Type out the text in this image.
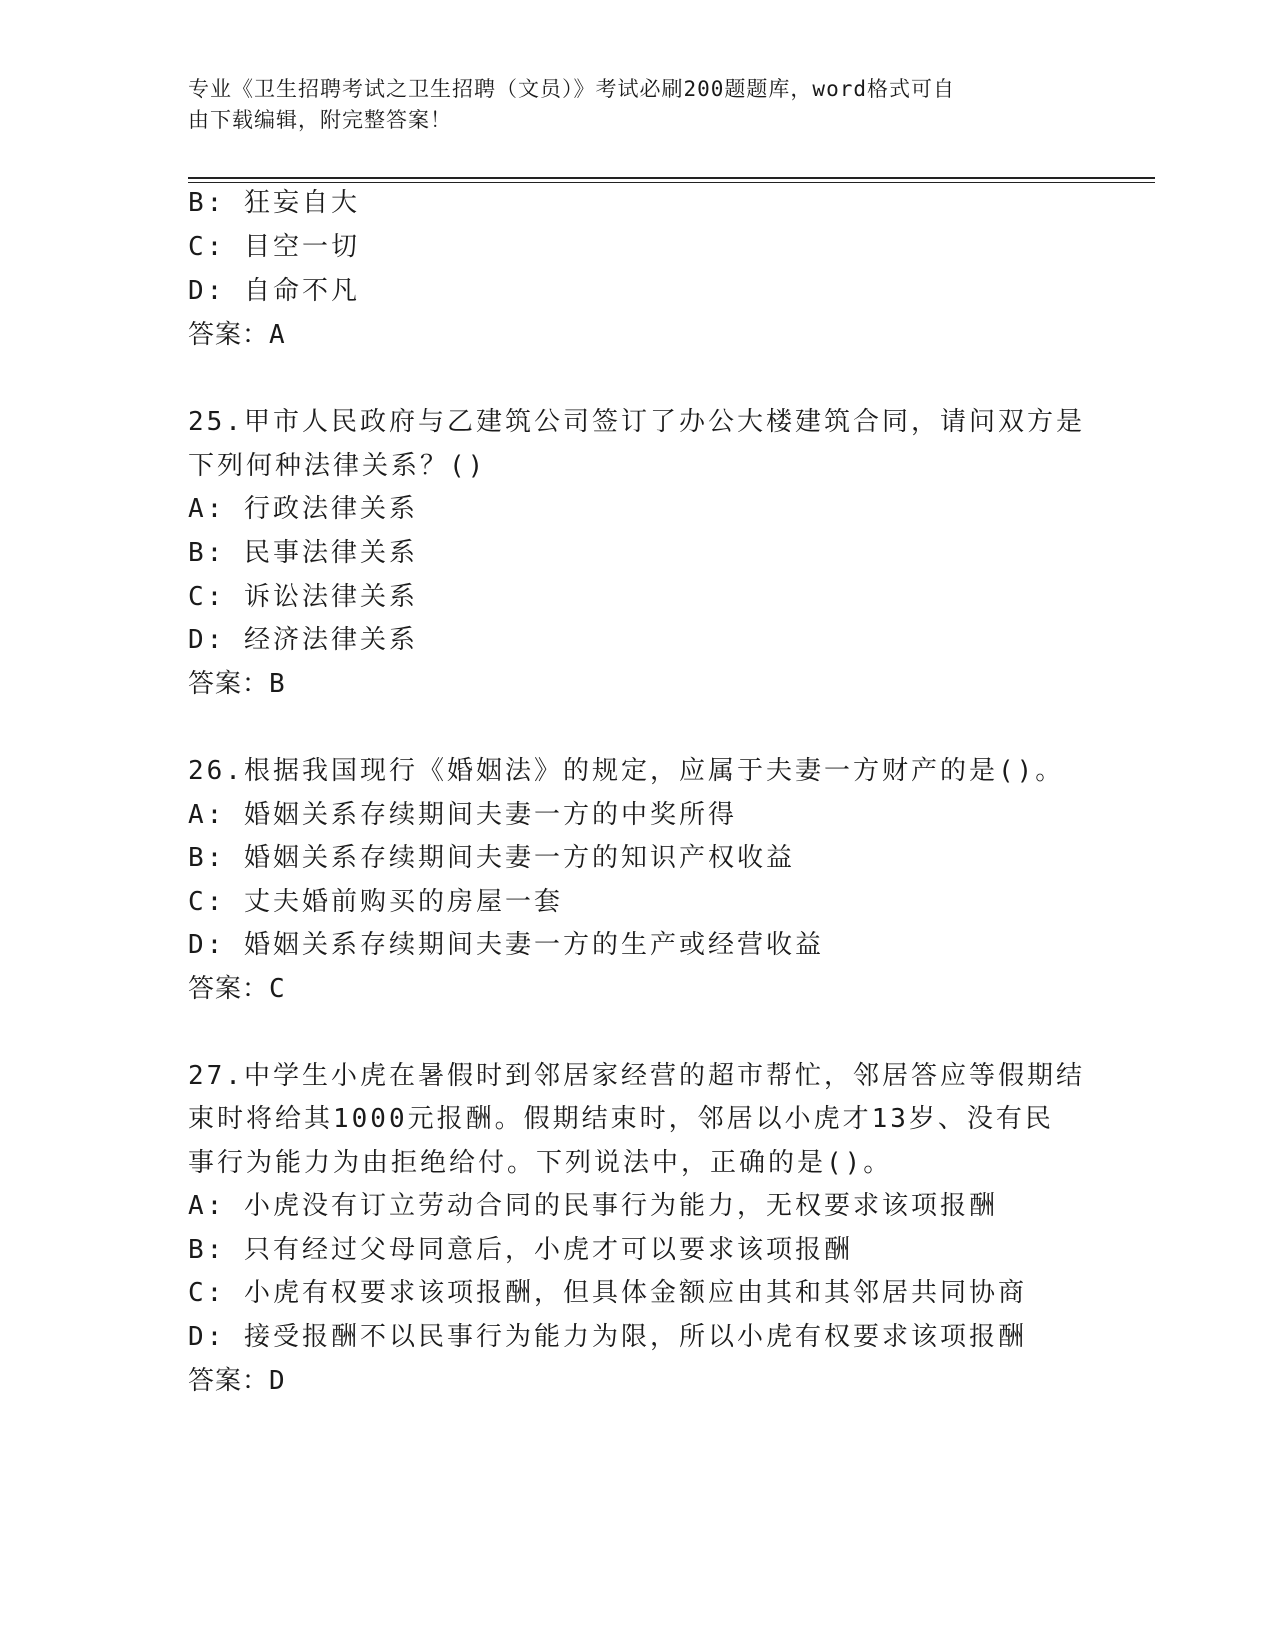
专业《卫生招聘考试之卫生招聘（文员）》考试必刷200题题库，word格式可自
由下载编辑，附完整答案！
B: 狂妄自大
C: 目空一切
D: 自命不凡
答案：A
25.甲市人民政府与乙建筑公司签订了办公大楼建筑合同，请问双方是
下列何种法律关系？()
A: 行政法律关系
B: 民事法律关系
C: 诉讼法律关系
D: 经济法律关系
答案：B
26.根据我国现行《婚姻法》的规定，应属于夫妻一方财产的是()。
A: 婚姻关系存续期间夫妻一方的中奖所得
B: 婚姻关系存续期间夫妻一方的知识产权收益
C: 丈夫婚前购买的房屋一套
D: 婚姻关系存续期间夫妻一方的生产或经营收益
答案：C
27.中学生小虎在暑假时到邻居家经营的超市帮忙，邻居答应等假期结
束时将给其1000元报酬。假期结束时，邻居以小虎才13岁、没有民
事行为能力为由拒绝给付。下列说法中，正确的是()。
A: 小虎没有订立劳动合同的民事行为能力，无权要求该项报酬
B: 只有经过父母同意后，小虎才可以要求该项报酬
C: 小虎有权要求该项报酬，但具体金额应由其和其邻居共同协商
D: 接受报酬不以民事行为能力为限，所以小虎有权要求该项报酬
答案：D
